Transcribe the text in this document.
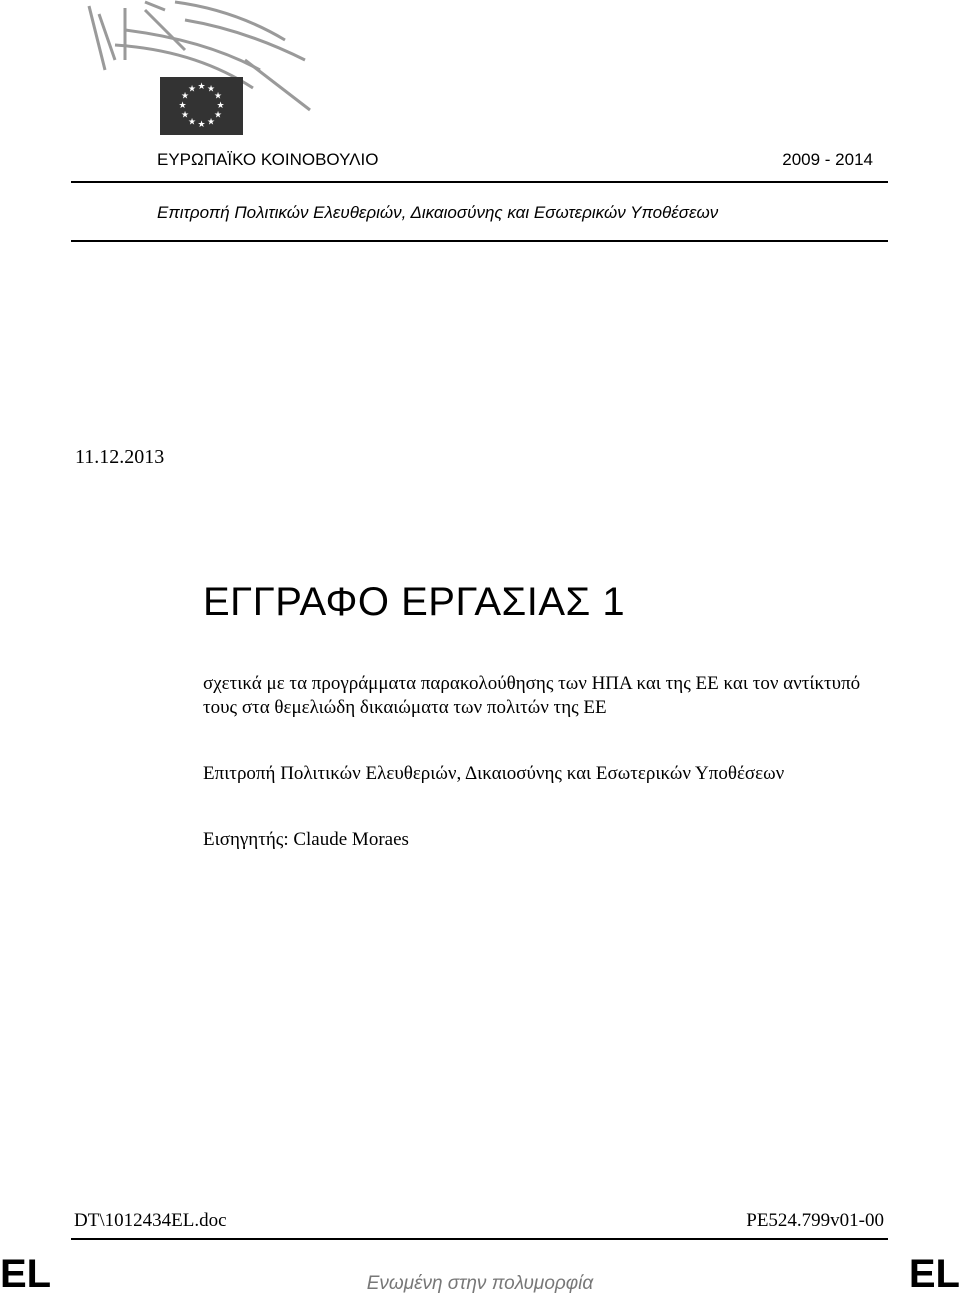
★ ★
★
★
★
★
★
★
★
★
★
★
ΕΥΡΩΠΑΪΚΟ ΚΟΙΝΟΒΟΥΛΙΟ	2009 - 2014
Επιτροπή Πολιτικών Ελευθεριών, Δικαιοσύνης και Εσωτερικών Υποθέσεων
11.12.2013
ΕΓΓΡΑΦΟ ΕΡΓΑΣΙΑΣ 1
σχετικά με τα προγράμματα παρακολούθησης των ΗΠΑ και της ΕΕ και τον αντίκτυπό τους στα θεμελιώδη δικαιώματα των πολιτών της ΕΕ
Επιτροπή Πολιτικών Ελευθεριών, Δικαιοσύνης και Εσωτερικών Υποθέσεων
Εισηγητής: Claude Moraes
DT\1012434EL.doc	PE524.799v01-00
EL	Ενωμένη στην πολυμορφία	EL
